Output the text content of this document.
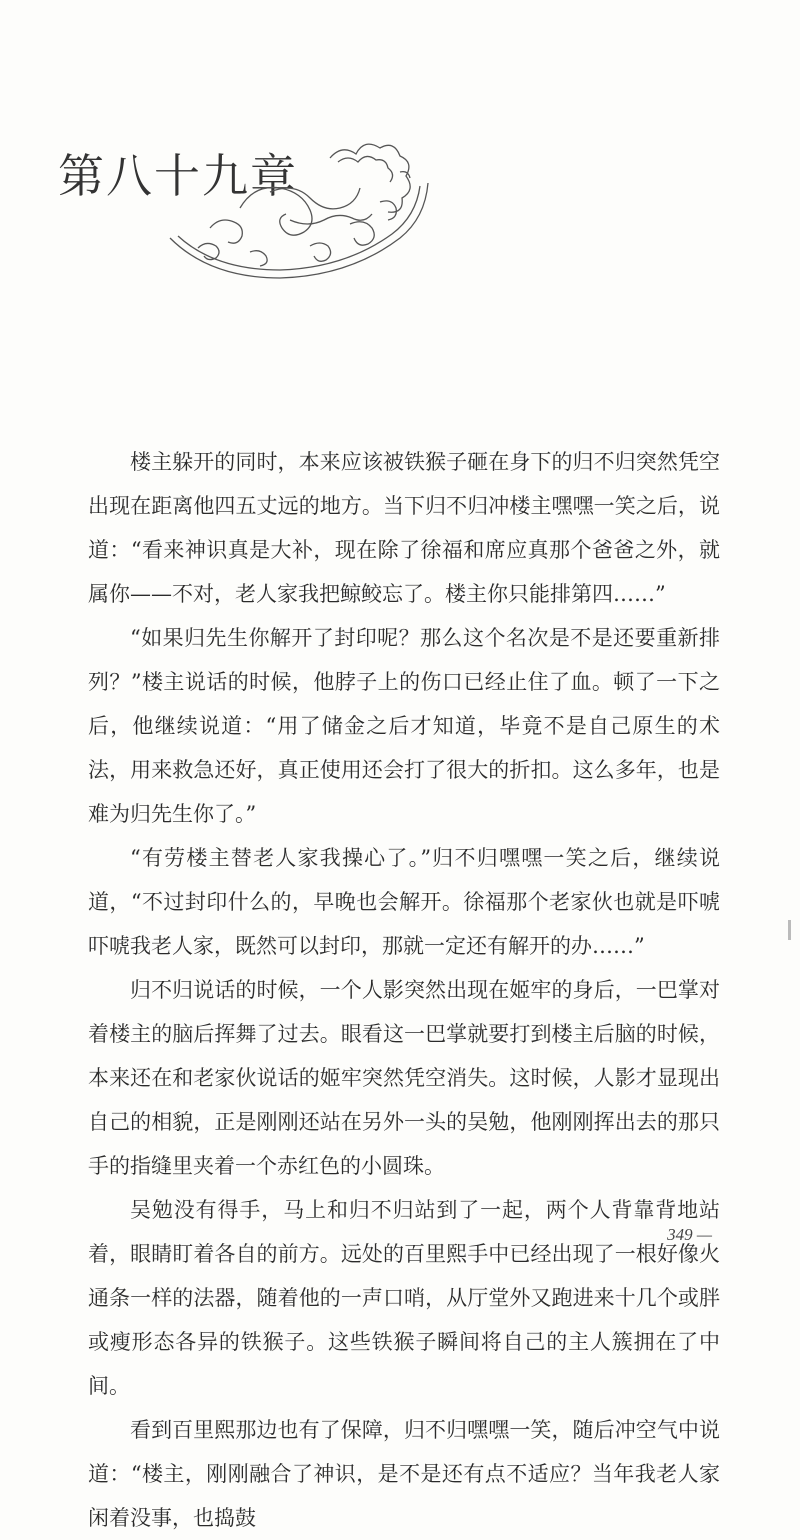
第八十九章

楼主躲开的同时，本来应该被铁猴子砸在身下的归不归突然凭空出现在距离他四五丈远的地方。当下归不归冲楼主嘿嘿一笑之后，说道：“看来神识真是大补，现在除了徐福和席应真那个爸爸之外，就属你——不对，老人家我把鲸鲛忘了。楼主你只能排第四……”

“如果归先生你解开了封印呢？那么这个名次是不是还要重新排列？”楼主说话的时候，他脖子上的伤口已经止住了血。顿了一下之后，他继续说道：“用了储金之后才知道，毕竟不是自己原生的术法，用来救急还好，真正使用还会打了很大的折扣。这么多年，也是难为归先生你了。”

“有劳楼主替老人家我操心了。”归不归嘿嘿一笑之后，继续说道，“不过封印什么的，早晚也会解开。徐福那个老家伙也就是吓唬吓唬我老人家，既然可以封印，那就一定还有解开的办……”

归不归说话的时候，一个人影突然出现在姬牢的身后，一巴掌对着楼主的脑后挥舞了过去。眼看这一巴掌就要打到楼主后脑的时候，本来还在和老家伙说话的姬牢突然凭空消失。这时候，人影才显现出自己的相貌，正是刚刚还站在另外一头的吴勉，他刚刚挥出去的那只手的指缝里夹着一个赤红色的小圆珠。

吴勉没有得手，马上和归不归站到了一起，两个人背靠背地站着，眼睛盯着各自的前方。远处的百里熙手中已经出现了一根好像火通条一样的法器，随着他的一声口哨，从厅堂外又跑进来十几个或胖或瘦形态各异的铁猴子。这些铁猴子瞬间将自己的主人簇拥在了中间。

看到百里熙那边也有了保障，归不归嘿嘿一笑，随后冲空气中说道：“楼主，刚刚融合了神识，是不是还有点不适应？当年我老人家闲着没事，也捣鼓

349 —
